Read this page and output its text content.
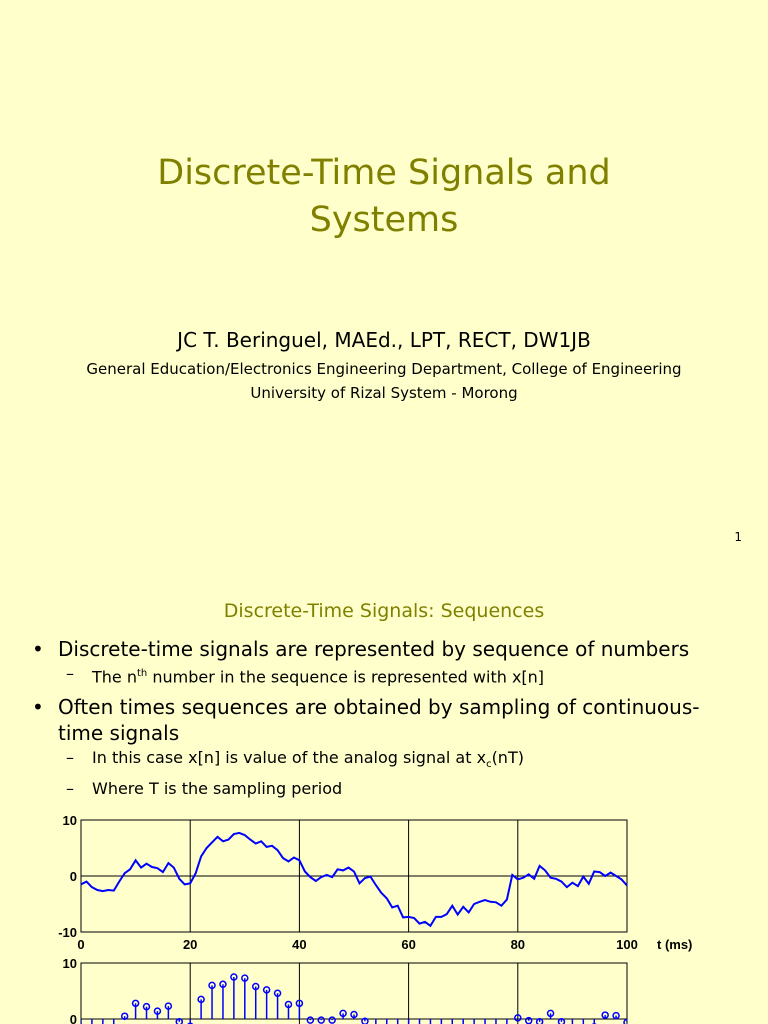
Discrete-Time Signals and
Systems
JC T. Beringuel, MAEd., LPT, RECT, DW1JB
General Education/Electronics Engineering Department, College of Engineering
University of Rizal System - Morong
1
Discrete-Time Signals: Sequences
• Discrete-time signals are represented by sequence of numbers
– The $n^{th}$ number in the sequence is represented with x[n]
• Often times sequences are obtained by sampling of continuous-
time signals
– In this case x[n] is value of the analog signal at $x_c(nT)$
– Where T is the sampling period
10
0
-10
0	20	40	60	80	100 t (ms)
10
0
